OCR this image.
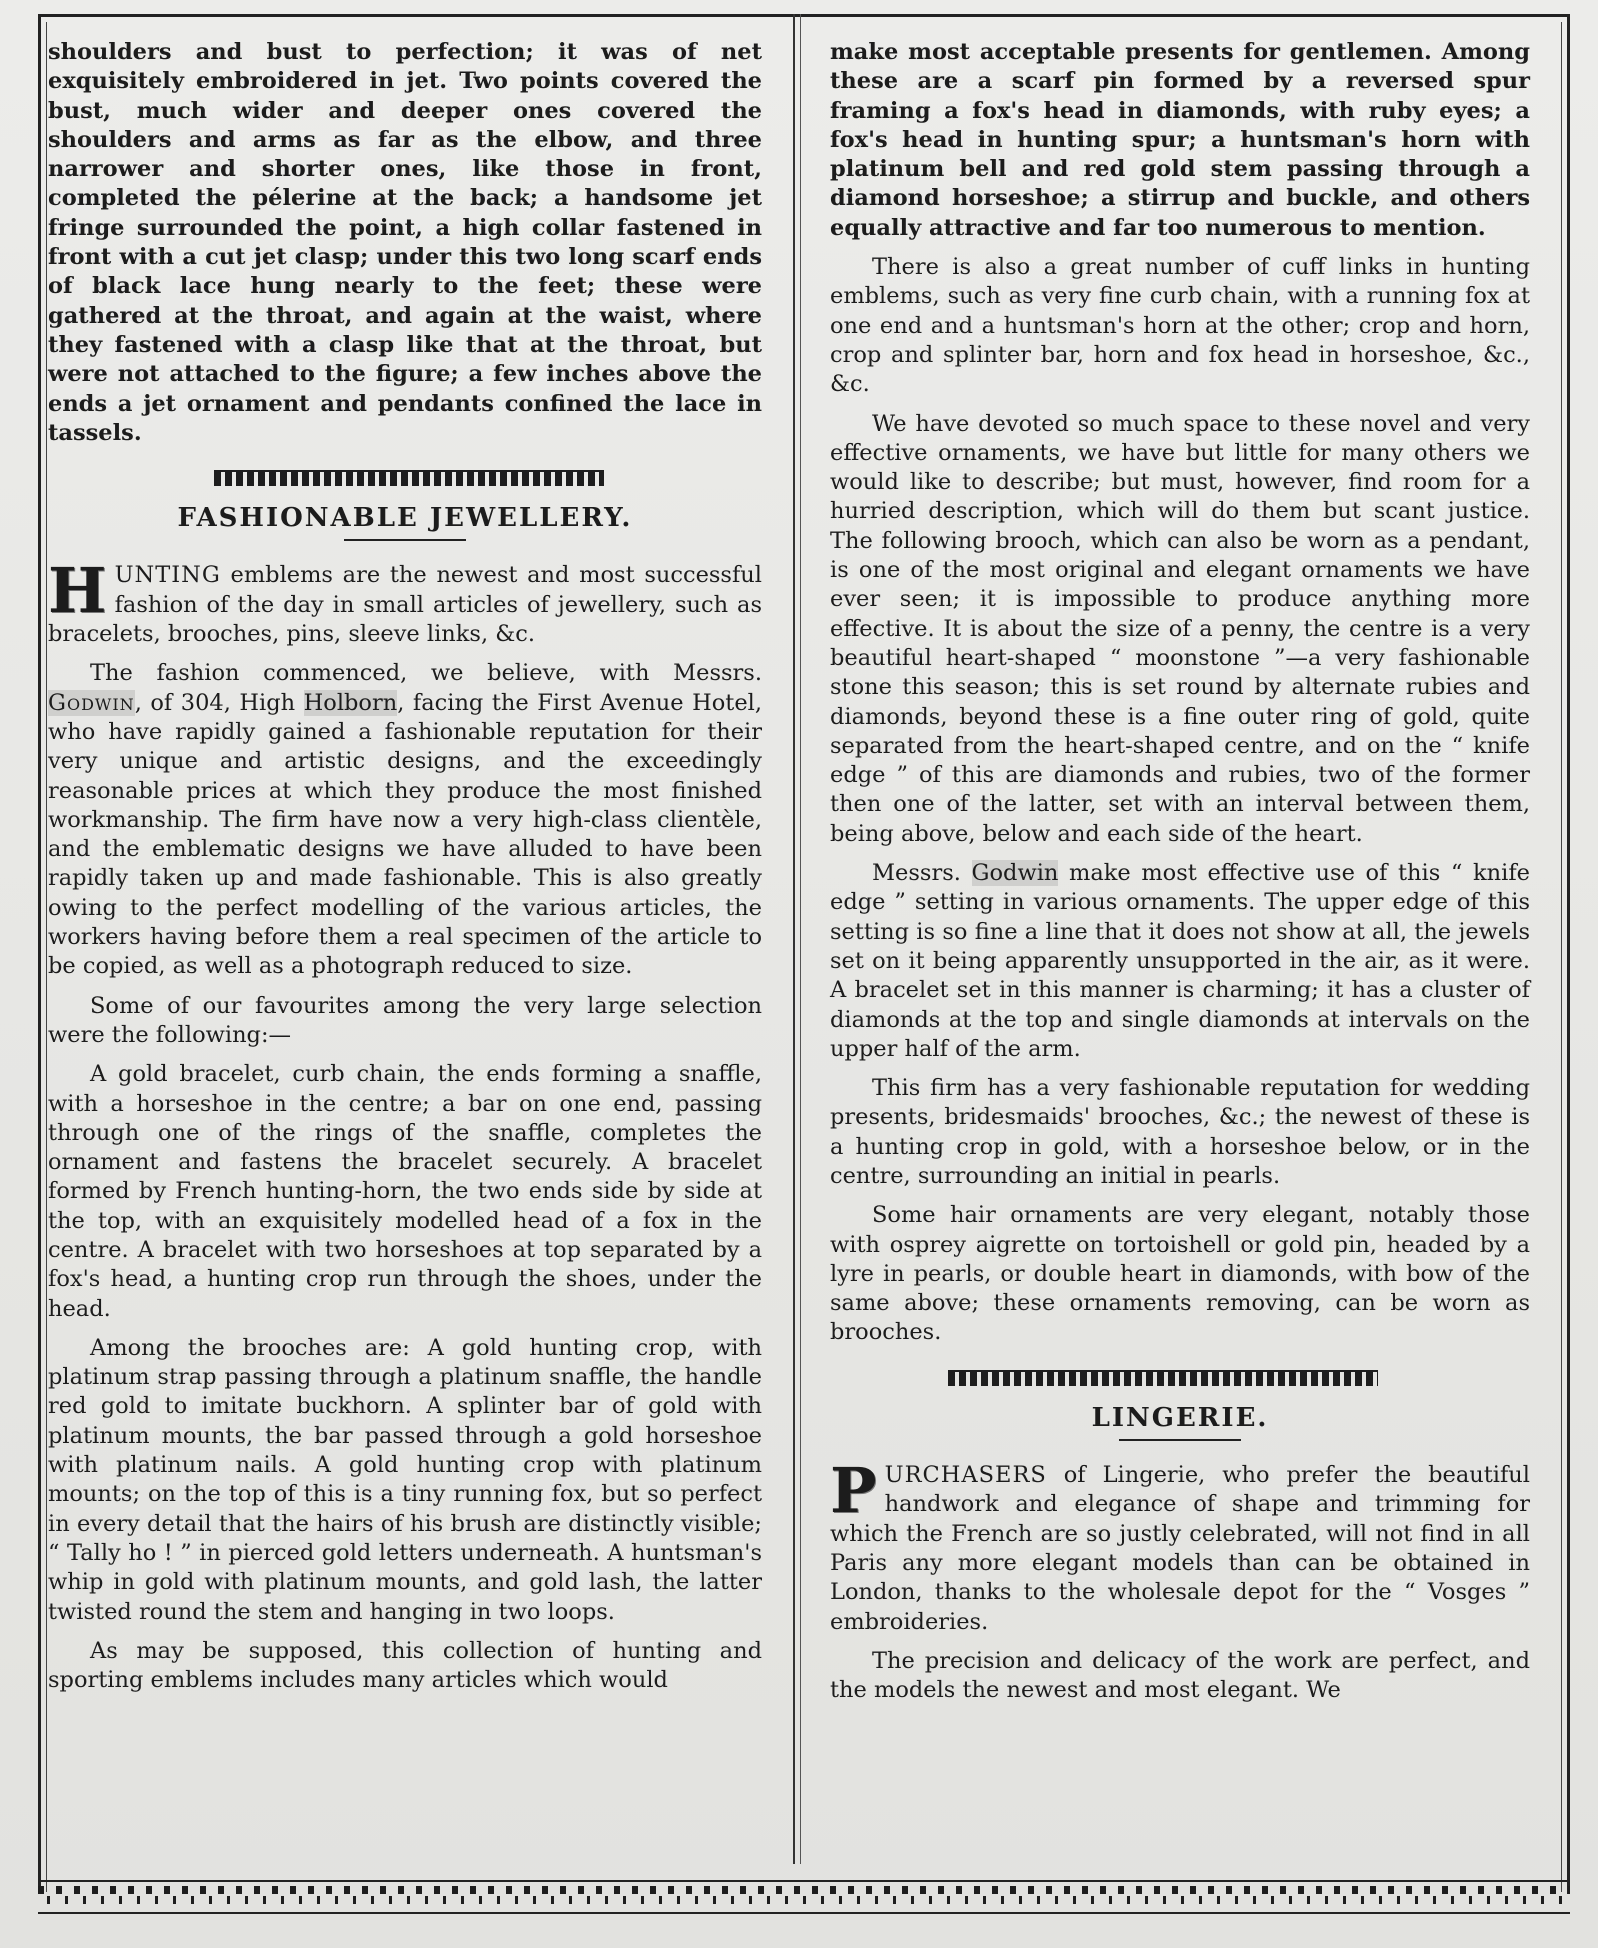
shoulders and bust to perfection; it was of net exquisitely embroidered in jet. Two points covered the bust, much wider and deeper ones covered the shoulders and arms as far as the elbow, and three narrower and shorter ones, like those in front, completed the pélerine at the back; a handsome jet fringe surrounded the point, a high collar fastened in front with a cut jet clasp; under this two long scarf ends of black lace hung nearly to the feet; these were gathered at the throat, and again at the waist, where they fastened with a clasp like that at the throat, but were not attached to the figure; a few inches above the ends a jet ornament and pendants confined the lace in tassels.

FASHIONABLE JEWELLERY.

HUNTING emblems are the newest and most successful fashion of the day in small articles of jewellery, such as bracelets, brooches, pins, sleeve links, &c.

The fashion commenced, we believe, with Messrs. Godwin, of 304, High Holborn, facing the First Avenue Hotel, who have rapidly gained a fashionable reputation for their very unique and artistic designs, and the exceedingly reasonable prices at which they produce the most finished workmanship. The firm have now a very high-class clientèle, and the emblematic designs we have alluded to have been rapidly taken up and made fashionable. This is also greatly owing to the perfect modelling of the various articles, the workers having before them a real specimen of the article to be copied, as well as a photograph reduced to size.

Some of our favourites among the very large selection were the following:—

A gold bracelet, curb chain, the ends forming a snaffle, with a horseshoe in the centre; a bar on one end, passing through one of the rings of the snaffle, completes the ornament and fastens the bracelet securely. A bracelet formed by French hunting-horn, the two ends side by side at the top, with an exquisitely modelled head of a fox in the centre. A bracelet with two horseshoes at top separated by a fox's head, a hunting crop run through the shoes, under the head.

Among the brooches are: A gold hunting crop, with platinum strap passing through a platinum snaffle, the handle red gold to imitate buckhorn. A splinter bar of gold with platinum mounts, the bar passed through a gold horseshoe with platinum nails. A gold hunting crop with platinum mounts; on the top of this is a tiny running fox, but so perfect in every detail that the hairs of his brush are distinctly visible; “ Tally ho ! ” in pierced gold letters underneath. A huntsman's whip in gold with platinum mounts, and gold lash, the latter twisted round the stem and hanging in two loops.

As may be supposed, this collection of hunting and sporting emblems includes many articles which would

make most acceptable presents for gentlemen. Among these are a scarf pin formed by a reversed spur framing a fox's head in diamonds, with ruby eyes; a fox's head in hunting spur; a huntsman's horn with platinum bell and red gold stem passing through a diamond horseshoe; a stirrup and buckle, and others equally attractive and far too numerous to mention.

There is also a great number of cuff links in hunting emblems, such as very fine curb chain, with a running fox at one end and a huntsman's horn at the other; crop and horn, crop and splinter bar, horn and fox head in horseshoe, &c., &c.

We have devoted so much space to these novel and very effective ornaments, we have but little for many others we would like to describe; but must, however, find room for a hurried description, which will do them but scant justice. The following brooch, which can also be worn as a pendant, is one of the most original and elegant ornaments we have ever seen; it is impossible to produce anything more effective. It is about the size of a penny, the centre is a very beautiful heart-shaped “ moonstone ”—a very fashionable stone this season; this is set round by alternate rubies and diamonds, beyond these is a fine outer ring of gold, quite separated from the heart-shaped centre, and on the “ knife edge ” of this are diamonds and rubies, two of the former then one of the latter, set with an interval between them, being above, below and each side of the heart.

Messrs. Godwin make most effective use of this “ knife edge ” setting in various ornaments. The upper edge of this setting is so fine a line that it does not show at all, the jewels set on it being apparently unsupported in the air, as it were. A bracelet set in this manner is charming; it has a cluster of diamonds at the top and single diamonds at intervals on the upper half of the arm.

This firm has a very fashionable reputation for wedding presents, bridesmaids' brooches, &c.; the newest of these is a hunting crop in gold, with a horseshoe below, or in the centre, surrounding an initial in pearls.

Some hair ornaments are very elegant, notably those with osprey aigrette on tortoishell or gold pin, headed by a lyre in pearls, or double heart in diamonds, with bow of the same above; these ornaments removing, can be worn as brooches.

LINGERIE.

PURCHASERS of Lingerie, who prefer the beautiful handwork and elegance of shape and trimming for which the French are so justly celebrated, will not find in all Paris any more elegant models than can be obtained in London, thanks to the wholesale depot for the “ Vosges ” embroideries.

The precision and delicacy of the work are perfect, and the models the newest and most elegant. We
